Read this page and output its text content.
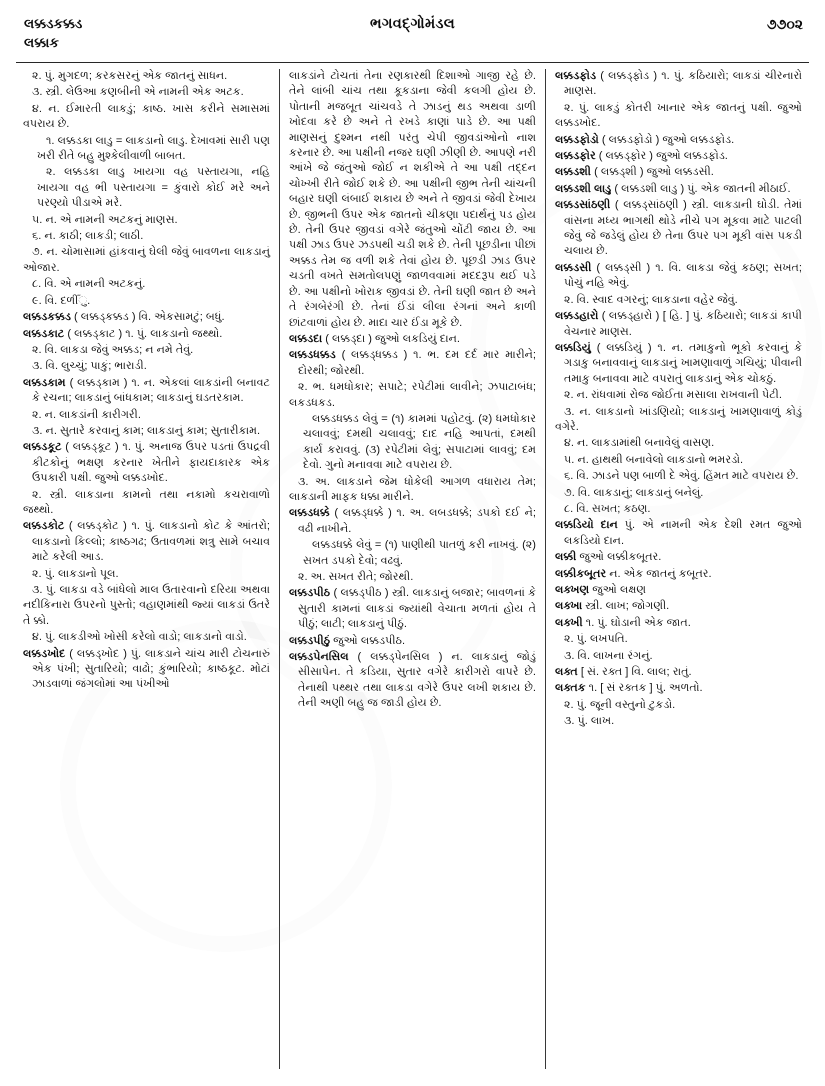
લક્કડકક્કડ
લક્કાક
ભગવદ્ગોમંડલ	૭૭૦૨

૨. પું. મુગદળ; કરકસરનું એક જાતનું સાધન.

૩. સ્ત્રી. લેઉઆ કણબીની એ નામની એક અટક.

૪. ન. ઈમારતી લાકડું; કાષ્ઠ. ખાસ કરીને સમાસમાં વપરાય છે.

૧. લક્કડકા લાડુ = લાકડાનો લાડુ. દેખાવમાં સારી પણ ખરી રીતે બહુ મુશ્કેલીવાળી બાબત.

૨. લક્કડકા લાડુ ખાયગા વહ પસ્તાયગા, નહિ ખાયગા વહ ભી પસ્તાયગા = કુંવારો કોઈ મરે અને પરણ્યો પીડાએ મરે.

૫. ન. એ નામની અટકનું માણસ.

૬. ન. કાઠી; લાકડી; લાઠી.

૭. ન. ચોમાસામાં હાંકવાનું ઘેલી જેવું બાવળના લાકડાનું ઓજાર.

૮. વિ. એ નામની અટકનું.

૯. વિ. દળીઁુ.

લક્કડકક્કડ ( લક્કડ્કક્કડ ) વિ. એકસામટું; બધું.

લક્કડકાટ ( લક્કડ્કાટ ) ૧. પું. લાકડાનો જથ્થો.

૨. વિ. લાકડા જેવું અક્કડ; ન નમે તેવું.

૩. વિ. લુચ્ચું; પાકું; ભારાડી.

લક્કડકામ ( લક્કડ્કામ ) ૧. ન. એકલાં લાકડાંની બનાવટ કે રચના; લાકડાનું બાંધકામ; લાકડાનું ઘડતરકામ.

૨. ન. લાકડાંની કારીગરી.

૩. ન. સુતારે કરવાનું કામ; લાકડાનું કામ; સુતારીકામ.

લક્કડકૂટ ( લક્કડ્કૂટ ) ૧. પું. અનાજ ઉપર પડતાં ઉપદ્રવી કીટકોનું ભક્ષણ કરનાર ખેતીને ફાયદાકારક એક ઉપકારી પક્ષી. જુઓ લક્કડખોદ.

૨. સ્ત્રી. લાકડાના કામનો તથા નકામો કચરાવાળો જથ્થો.

લક્કડકોટ ( લક્કડ્કોટ ) ૧. પું. લાકડાનો કોટ કે આંતરો; લાકડાનો કિલ્લો; કાષ્ઠગઢ; ઉતાવળમાં શત્રુ સામે બચાવ માટે કરેલી આડ.

૨. પું. લાકડાનો પૂલ.

૩. પું. લાકડા વડે બાંધેલો માલ ઉતારવાનો દરિયા અથવા નદીકિનારા ઉપરનો પુસ્તો; વહાણમાંથી જ્યાં લાકડાં ઉતરે તે ક્કો.

૪. પું. લાકડીઓ ખોસી કરેલો વાડો; લાકડાનો વાડો.

લક્કડખોદ ( લક્કડ્ખોદ ) પું. લાકડાને ચાંચ મારી ટોચનારું એક પંખી; સુતારિયો; વાઢો; કુંભારિયો; કાષ્ઠકૂટ. મોટાં ઝાડવાળાં જંગલોમાં આ પંખીઓ

લાકડાંને ટોચતાં તેના રણકારથી દિશાઓ ગાજી રહે છે. તેને લાંબી ચાંચ તથા કૂકડાના જેવી કલગી હોય છે. પોતાની મજબૂત ચાંચવડે તે ઝાડનું થડ અથવા ડાળી ખોદવા કરે છે અને તે રખડે કાણાં પાડે છે. આ પક્ષી માણસનું દુશ્મન નથી પરંતુ ચેપી જીવડાંઓનો નાશ કરનાર છે. આ પક્ષીની નજર ઘણી ઝીણી છે. આપણે નરી આંખે જે જંતુઓ જોઈ ન શકીએ તે આ પક્ષી તદ્દન ચોખ્ખી રીતે જોઈ શકે છે. આ પક્ષીની જીભ તેની ચાંચની બહાર ઘણી લંબાઈ શકાય છે અને તે જીવડાં જેવી દેખાય છે. જીભની ઉપર એક જાતનો ચીકણા પદાર્થનું પડ હોય છે. તેની ઉપર જીવડાં વગેરે જંતુઓ ચોંટી જાય છે. આ પક્ષી ઝાડ ઉપર ઝડપથી ચડી શકે છે. તેની પૂછડીના પીછાં અક્કડ તેમ જ વળી શકે તેવાં હોય છે. પૂછડી ઝાડ ઉપર ચડતી વખતે સમતોલપણું જાળવવામાં મદદરૂપ થઈ પડે છે. આ પક્ષીનો ખોરાક જીવડાં છે. તેની ઘણી જાત છે અને તે રંગબેરંગી છે. તેનાં ઈંડાં લીલા રંગનાં અને કાળી છાંટવાળાં હોય છે. માદા ચાર ઈંડા મૂકે છે.

લક્કડદા ( લક્કડ્દા ) જુઓ લકડિયું દાન.

લક્કડધક્કડ ( લક્કડ્ધક્કડ ) ૧. ભ. દમ દર્દ માર મારીને; દોરથી; જોરથી.

૨. ભ. ધમધોકાર; સપાટે; રપેટીમાં લાવીને; ઝપાટાબંધ; લકડધકડ.

લક્કડધક્કડ લેવું = (૧) કામમાં પહોટવું. (૨) ધમધોકાર ચલાવવું; દમથી ચલાવવું; દાદ નહિ આપતાં, દમથી કાર્ય કરાવવું. (૩) રપેટીમાં લેવું; સપાટામાં લાવવું; દમ દેવો. ગુનો મનાવવા માટે વપરાય છે.

૩. અ. લાકડાને જેમ ધોકેલી આગળ વધારાય તેમ; લાકડાની માફક ધક્કા મારીને.

લક્કડધક્કે ( લક્કડ્ધક્કે ) ૧. અ. લબડધક્કે; ડપકો દઈ ને; વઢી નાખીને.

લક્કડધક્કે લેવું = (૧) પાણીથી પાતળું કરી નાખવું. (૨) સખત ડપકો દેવો; વઢવું.

૨. અ. સખત રીતે; જોરથી.

લક્કડપીઠ ( લક્કડ્પીઠ ) સ્ત્રી. લાકડાનું બજાર; બાવળનાં કે સુતારી કામનાં લાકડાં જ્યાંથી વેચાતા મળતાં હોય તે પીઠું; લાટી; લાકડાનું પીઠું.

લક્કડપીઠું જુઓ લક્કડપીઠ.

લક્કડપેનસિલ ( લક્કડ્પેનસિલ ) ન. લાકડાનું જોડું સીસાપેન. તે કડિયા, સુતાર વગેરે કારીગરો વાપરે છે. તેનાથી પથ્થર તથા લાકડા વગેરે ઉપર લખી શકાય છે. તેની અણી બહુ જ જાડી હોય છે.

લક્કડફોડ ( લક્કડ્ફોડ ) ૧. પું. કઠિયારો; લાકડાં ચીરનારો માણસ.

૨. પું. લાકડું કોતરી ખાનાર એક જાતનું પક્ષી. જુઓ લક્કડખોદ.

લક્કડફોડો ( લક્કડફોડો ) જુઓ લક્કડફોડ.

લક્કડફોર ( લક્કડ્ફોર ) જુઓ લક્કડફોડ.

લક્કડશી ( લક્કડ્શી ) જુઓ લક્કડસી.

લક્કડશી લાડુ ( લક્કડશી લાડુ ) પું. એક જાતની મીઠાઈ.

લક્કડસાંઠણી ( લક્કડ્સાંઠણી ) સ્ત્રી. લાકડાની ઘોડી. તેમાં વાંસના મધ્ય ભાગથી થોડે નીચે પગ મૂકવા માટે પાટલી જેવું જે જડેલું હોય છે તેના ઉપર પગ મૂકી વાંસ પકડી ચલાય છે.

લક્કડસી ( લક્કડ્સી ) ૧. વિ. લાકડા જેવું કઠણ; સખત; પોચું નહિ એવું.

૨. વિ. સ્વાદ વગરનું; લાકડાના વહેર જેવું.

લક્કડહારો ( લક્કડ્હારો ) [ હિ. ] પું. કઠિયારો; લાકડાં કાપી વેચનાર માણસ.

લક્કડિયું ( લક્કડિયું ) ૧. ન. તમાકુનો ભૂકો કરવાનું કે ગડાકુ બનાવવાનું લાકડાનું ખામણાવાળું ગચિયું; પીવાની તમાકુ બનાવવા માટે વપરાતું લાકડાનું એક ચોકઠું.

૨. ન. રાંધવામાં રોજ જોઈતા મસાલા રાખવાની પેટી.

૩. ન. લાકડાનો ખાંડણિયો; લાકડાનું ખામણાવાળું કોડું વગેરે.

૪. ન. લાકડામાંથી બનાવેલું વાસણ.

૫. ન. હાથથી બનાવેલો લાકડાનો ભમરડો.

૬. વિ. ઝાડને પણ બાળી દે એવું. હિંમત માટે વપરાય છે.

૭. વિ. લાકડાનું; લાકડાનું બનેલું.

૮. વિ. સખત; કઠણ.

લક્કડિયો દાન પું. એ નામની એક દેશી રમત જુઓ લકડિયો દાન.

લક્કી જુઓ લક્કીકબૂતર.

લક્કીકબૂતર ન. એક જાતનું કબૂતર.

લક્ખણ જુઓ લક્ષણ

લક્ખા સ્ત્રી. લાખ; જોગણી.

લક્ખી ૧. પું. ઘોડાની એક જાત.

૨. પું. લખપતિ.

૩. વિ. લાખના રંગનું.

લક્ત [ સં. રક્ત ] વિ. લાલ; રાતું.

લક્તક ૧. [ સં રક્તક ] પું. અળતો.

૨. પું. જૂની વસ્તુનો ટુકડો.

૩. પું. લાખ.
